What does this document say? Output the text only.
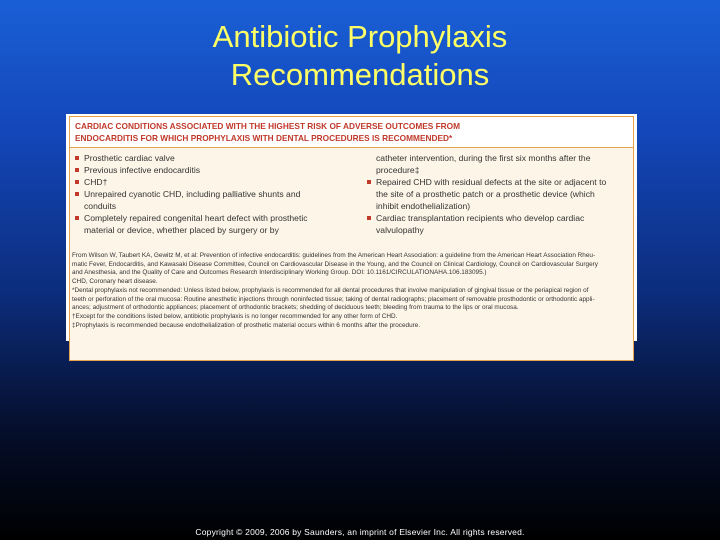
Antibiotic Prophylaxis
Recommendations
CARDIAC CONDITIONS ASSOCIATED WITH THE HIGHEST RISK OF ADVERSE OUTCOMES FROM
ENDOCARDITIS FOR WHICH PROPHYLAXIS WITH DENTAL PROCEDURES IS RECOMMENDED*
Prosthetic cardiac valve
Previous infective endocarditis
CHD†
Unrepaired cyanotic CHD, including palliative shunts and
conduits
Completely repaired congenital heart defect with prosthetic
material or device, whether placed by surgery or by
catheter intervention, during the first six months after the
procedure‡
Repaired CHD with residual defects at the site or adjacent to
the site of a prosthetic patch or a prosthetic device (which
inhibit endothelialization)
Cardiac transplantation recipients who develop cardiac
valvulopathy
From Wilson W, Taubert KA, Gewitz M, et al: Prevention of infective endocarditis: guidelines from the American Heart Association: a guideline from the American Heart Association Rheu-
matic Fever, Endocarditis, and Kawasaki Disease Committee, Council on Cardiovascular Disease in the Young, and the Council on Clinical Cardiology, Council on Cardiovascular Surgery
and Anesthesia, and the Quality of Care and Outcomes Research Interdisciplinary Working Group. DOI: 10.1161/CIRCULATIONAHA.106.183095.)
CHD, Coronary heart disease.
*Dental prophylaxis not recommended: Unless listed below, prophylaxis is recommended for all dental procedures that involve manipulation of gingival tissue or the periapical region of
teeth or perforation of the oral mucosa: Routine anesthetic injections through noninfected tissue; taking of dental radiographs; placement of removable prosthodontic or orthodontic appli-
ances; adjustment of orthodontic appliances; placement of orthodontic brackets; shedding of deciduous teeth; bleeding from trauma to the lips or oral mucosa.
†Except for the conditions listed below, antibiotic prophylaxis is no longer recommended for any other form of CHD.
‡Prophylaxis is recommended because endothelialization of prosthetic material occurs within 6 months after the procedure.
Copyright © 2009, 2006 by Saunders, an imprint of Elsevier Inc. All rights reserved.
